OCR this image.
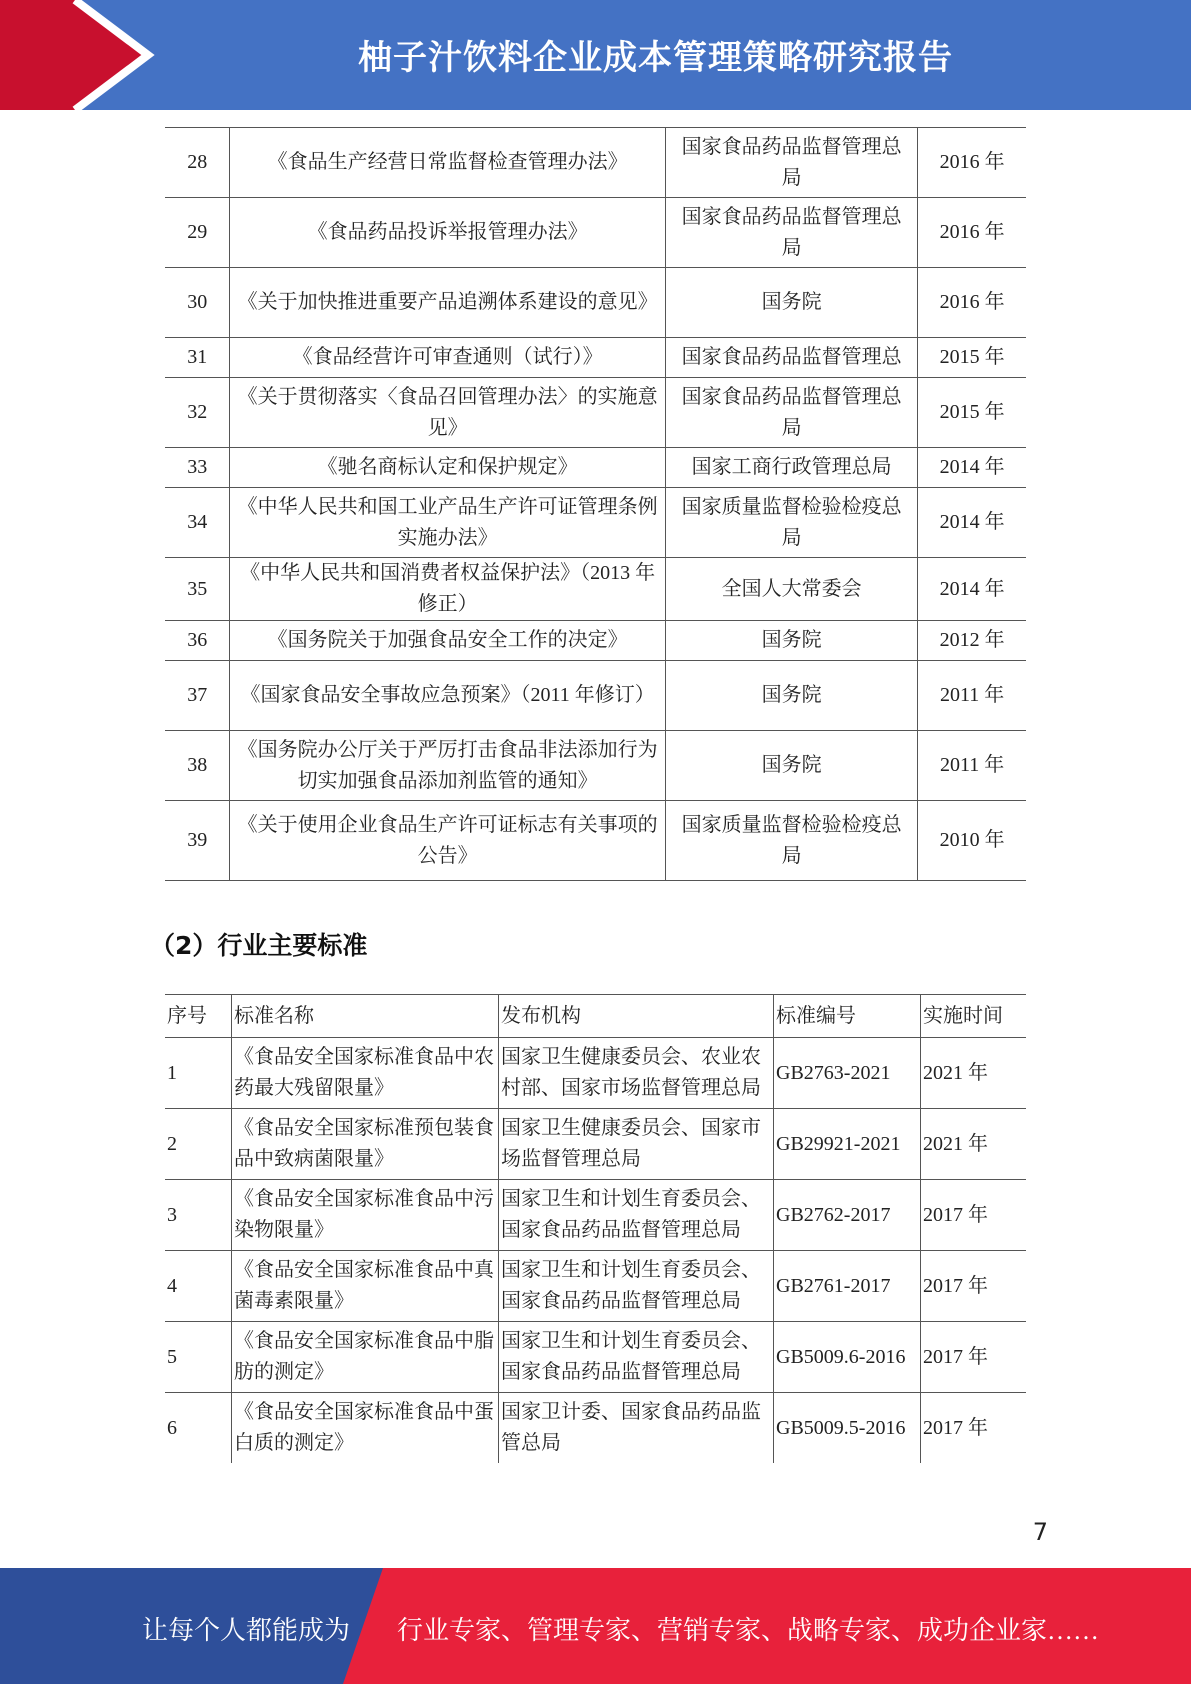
柚子汁饮料企业成本管理策略研究报告
28	《食品生产经营日常监督检查管理办法》	国家食品药品监督管理总局	2016 年
29	《食品药品投诉举报管理办法》	国家食品药品监督管理总局	2016 年
30	《关于加快推进重要产品追溯体系建设的意见》	国务院	2016 年
31	《食品经营许可审查通则（试行）》	国家食品药品监督管理总	2015 年
32	《关于贯彻落实〈食品召回管理办法〉的实施意见》	国家食品药品监督管理总局	2015 年
33	《驰名商标认定和保护规定》	国家工商行政管理总局	2014 年
34	《中华人民共和国工业产品生产许可证管理条例实施办法》	国家质量监督检验检疫总局	2014 年
35	《中华人民共和国消费者权益保护法》（2013 年修正）	全国人大常委会	2014 年
36	《国务院关于加强食品安全工作的决定》	国务院	2012 年
37	《国家食品安全事故应急预案》（2011 年修订）	国务院	2011 年
38	《国务院办公厅关于严厉打击食品非法添加行为切实加强食品添加剂监管的通知》	国务院	2011 年
39	《关于使用企业食品生产许可证标志有关事项的公告》	国家质量监督检验检疫总局	2010 年
（2）行业主要标准
序号	标准名称	发布机构	标准编号	实施时间
1	《食品安全国家标准食品中农药最大残留限量》	国家卫生健康委员会、农业农村部、国家市场监督管理总局	GB2763-2021	2021 年
2	《食品安全国家标准预包装食品中致病菌限量》	国家卫生健康委员会、国家市场监督管理总局	GB29921-2021	2021 年
3	《食品安全国家标准食品中污染物限量》	国家卫生和计划生育委员会、国家食品药品监督管理总局	GB2762-2017	2017 年
4	《食品安全国家标准食品中真菌毒素限量》	国家卫生和计划生育委员会、国家食品药品监督管理总局	GB2761-2017	2017 年
5	《食品安全国家标准食品中脂肪的测定》	国家卫生和计划生育委员会、国家食品药品监督管理总局	GB5009.6-2016	2017 年
6	《食品安全国家标准食品中蛋白质的测定》	国家卫计委、国家食品药品监管总局	GB5009.5-2016	2017 年
7
让每个人都能成为 行业专家、管理专家、营销专家、战略专家、成功企业家……
